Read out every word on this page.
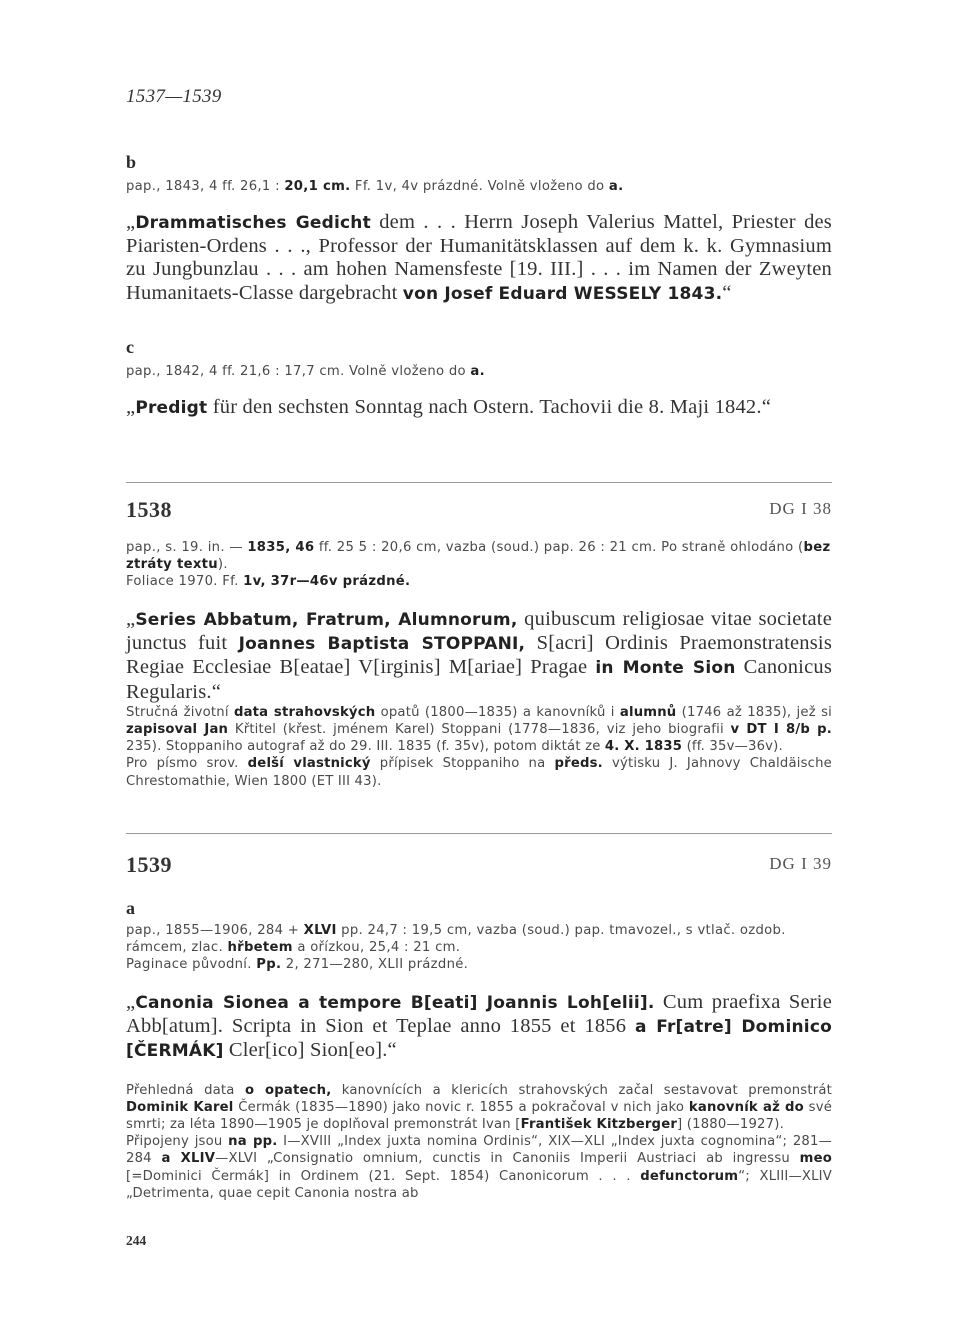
1537—1539
b
pap., 1843, 4 ff. 26,1 : 20,1 cm. Ff. 1v, 4v prázdné. Volně vloženo do a.
„Drammatisches Gedicht dem . . . Herrn Joseph Valerius Mattel, Priester des Piaristen-Ordens . . ., Professor der Humanitätsklassen auf dem k. k. Gymnasium zu Jungbunzlau . . . am hohen Namensfeste [19. III.] . . . im Namen der Zweyten Humanitaets-Classe dargebracht von Josef Eduard WESSELY 1843.“
c
pap., 1842, 4 ff. 21,6 : 17,7 cm. Volně vloženo do a.
„Predigt für den sechsten Sonntag nach Ostern. Tachovii die 8. Maji 1842.“
1538	DG I 38
pap., s. 19. in. — 1835, 46 ff. 25 5 : 20,6 cm, vazba (soud.) pap. 26 : 21 cm. Po straně ohlodáno (bez ztráty textu).
Foliace 1970. Ff. 1v, 37r—46v prázdné.
„Series Abbatum, Fratrum, Alumnorum, quibuscum religiosae vitae societate junctus fuit Joannes Baptista STOPPANI, S[acri] Ordinis Praemonstratensis Regiae Ecclesiae B[eatae] V[irginis] M[ariae] Pragae in Monte Sion Canonicus Regularis.“
Stručná životní data strahovských opatů (1800—1835) a kanovníků i alumnů (1746 až 1835), jež si zapisoval Jan Křtitel (křest. jménem Karel) Stoppani (1778—1836, viz jeho biografii v DT I 8/b p. 235). Stoppaniho autograf až do 29. III. 1835 (f. 35v), potom diktát ze 4. X. 1835 (ff. 35v—36v).
Pro písmo srov. delší vlastnický přípisek Stoppaniho na předs. výtisku J. Jahnovy Chaldäische Chrestomathie, Wien 1800 (ET III 43).
1539	DG I 39
a
pap., 1855—1906, 284 + XLVI pp. 24,7 : 19,5 cm, vazba (soud.) pap. tmavozel., s vtlač. ozdob. rámcem, zlac. hřbetem a ořízkou, 25,4 : 21 cm.
Paginace původní. Pp. 2, 271—280, XLII prázdné.
„Canonia Sionea a tempore B[eati] Joannis Loh[elii]. Cum praefixa Serie Abb[atum]. Scripta in Sion et Teplae anno 1855 et 1856 a Fr[atre] Dominico [ČERMÁK] Cler[ico] Sion[eo].“
Přehledná data o opatech, kanovnících a klericích strahovských začal sestavovat premonstrát Dominik Karel Čermák (1835—1890) jako novic r. 1855 a pokračoval v nich jako kanovník až do své smrti; za léta 1890—1905 je doplňoval premonstrát Ivan [František Kitzberger] (1880—1927).
Připojeny jsou na pp. I—XVIII „Index juxta nomina Ordinis“, XIX—XLI „Index juxta cognomina“; 281—284 a XLIV—XLVI „Consignatio omnium, cunctis in Canoniis Imperii Austriaci ab ingressu meo [=Dominici Čermák] in Ordinem (21. Sept. 1854) Canonicorum . . . defunctorum“; XLIII—XLIV „Detrimenta, quae cepit Canonia nostra ab
244
